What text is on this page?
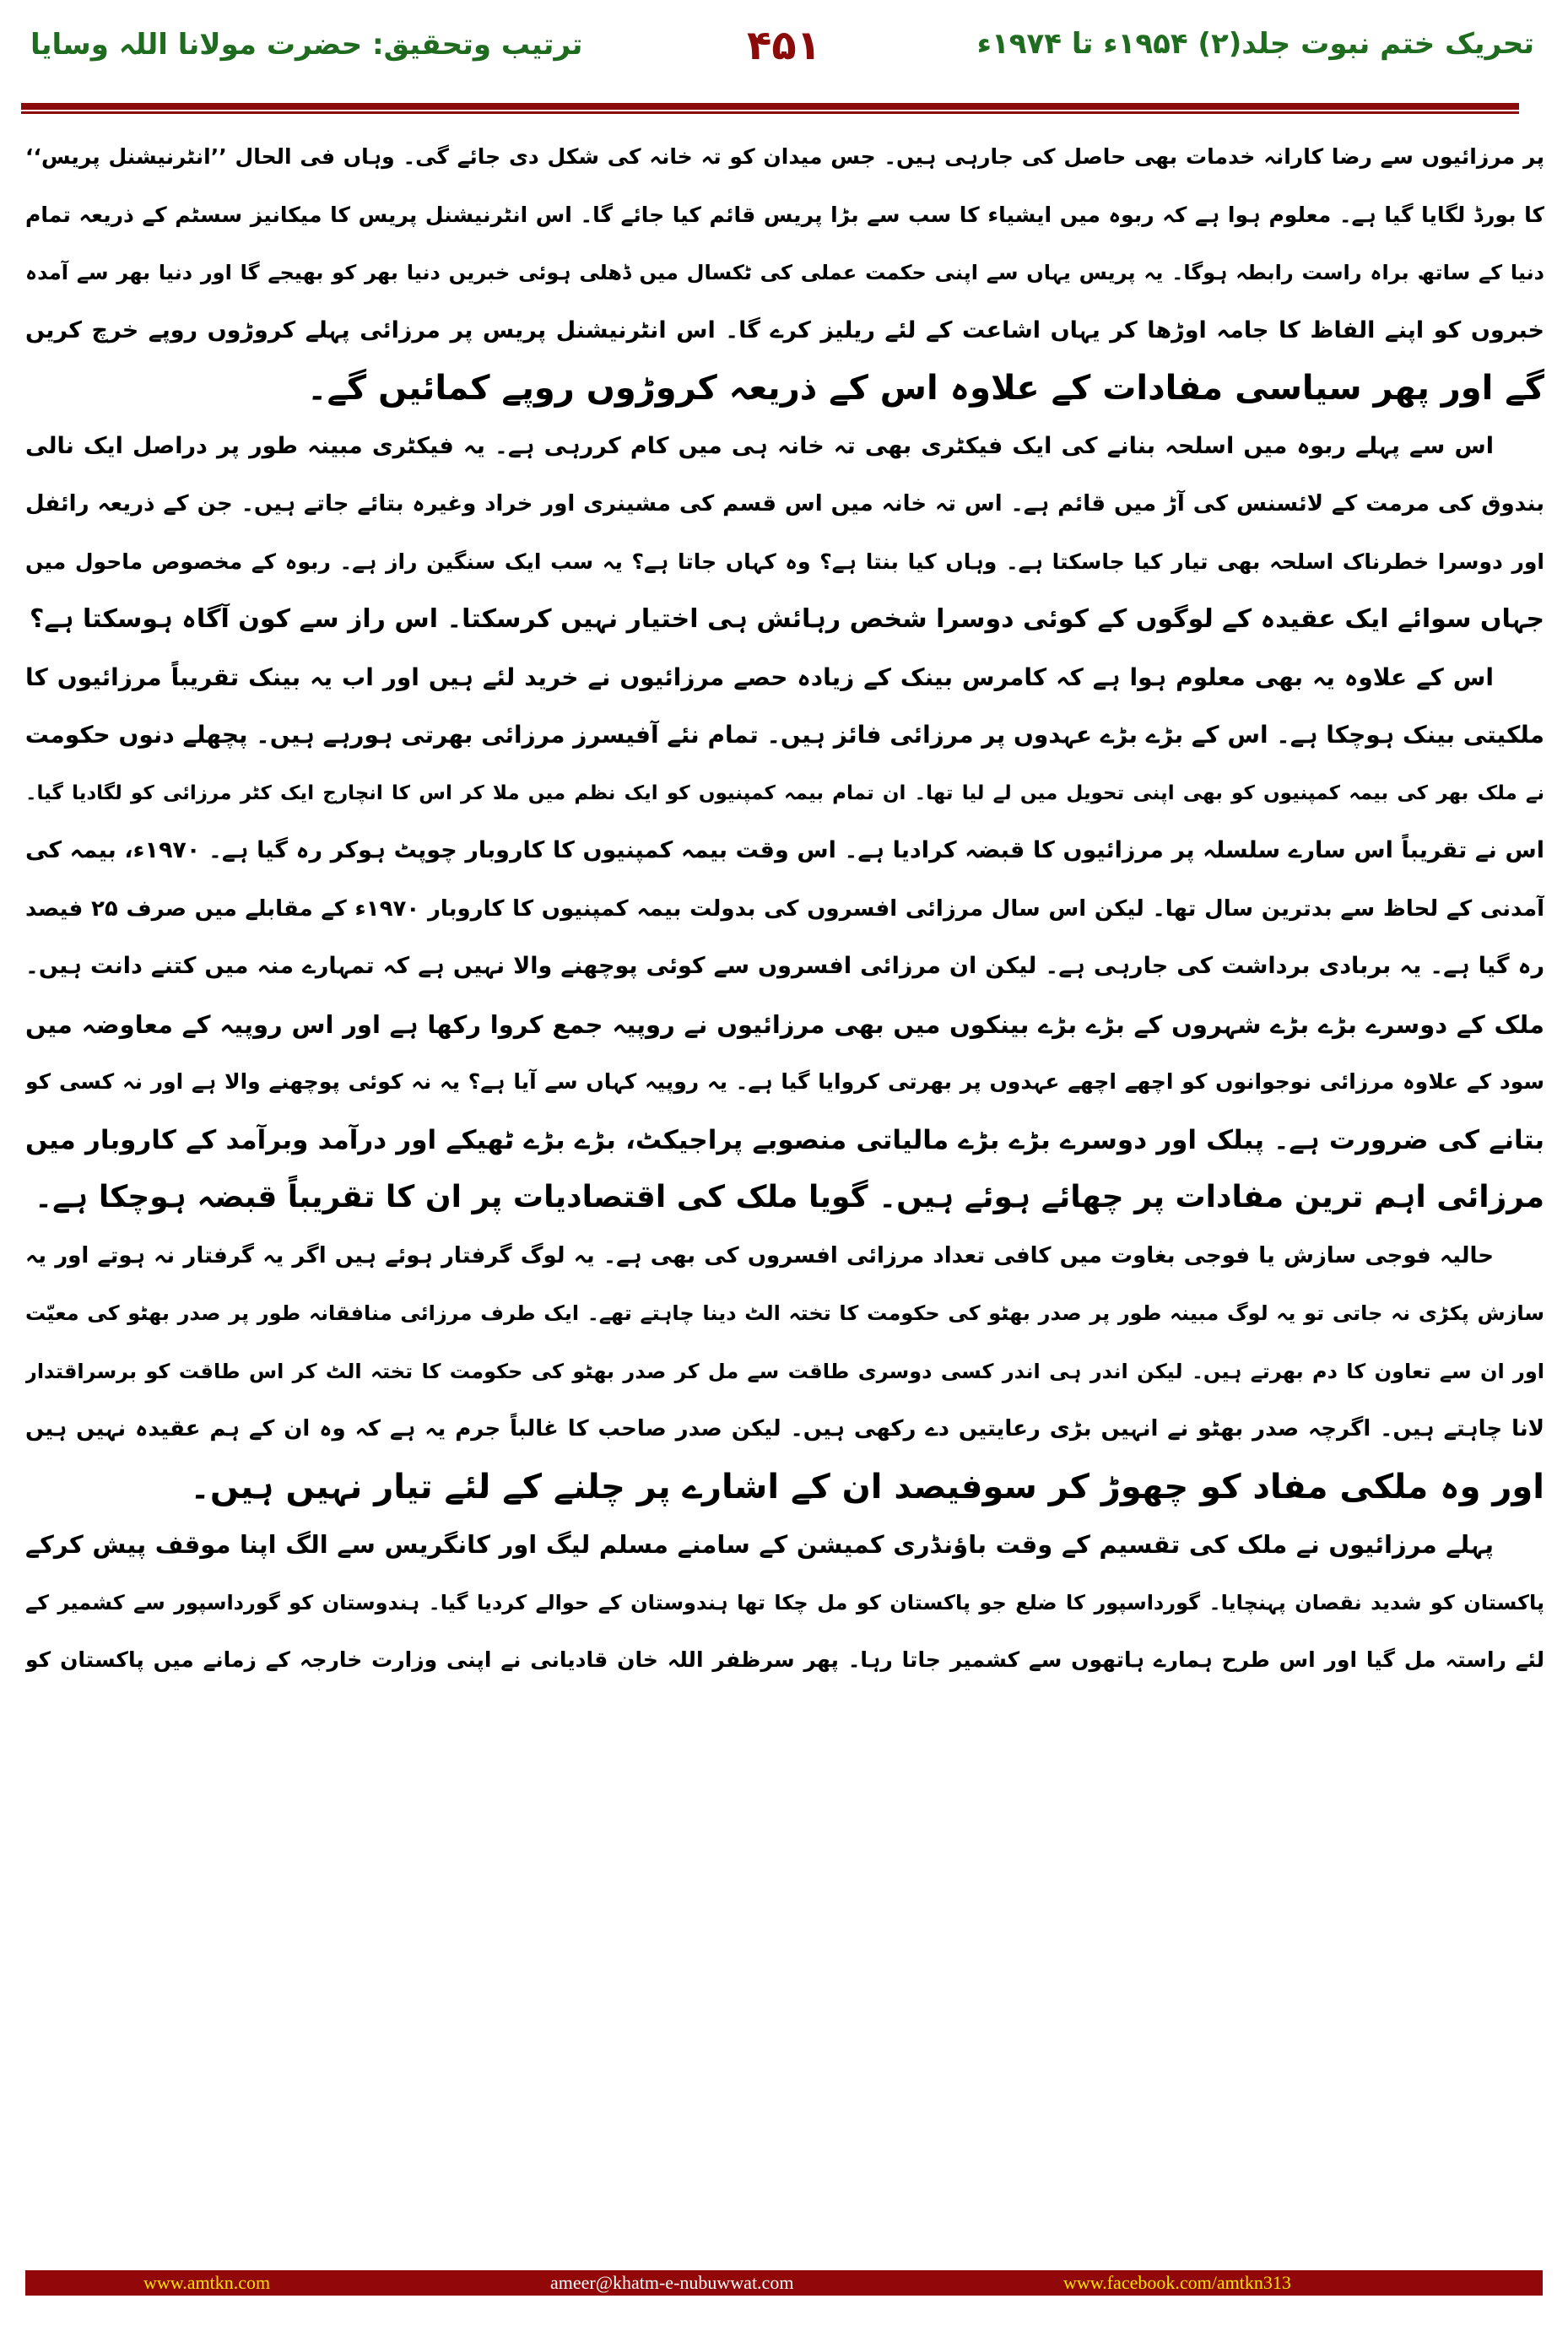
تحریک ختم نبوت جلد(۲) ۱۹۵۴ء تا ۱۹۷۴ء
۴۵۱
ترتیب وتحقیق: حضرت مولانا اللہ وسایا
پر مرزائیوں سے رضا کارانہ خدمات بھی حاصل کی جارہی ہیں۔ جس میدان کو تہ خانہ کی شکل دی جائے گی۔ وہاں فی الحال ’’انٹرنیشنل پریس‘‘
کا بورڈ لگایا گیا ہے۔ معلوم ہوا ہے کہ ربوہ میں ایشیاء کا سب سے بڑا پریس قائم کیا جائے گا۔ اس انٹرنیشنل پریس کا میکانیز سسٹم کے ذریعہ تمام
دنیا کے ساتھ براہ راست رابطہ ہوگا۔ یہ پریس یہاں سے اپنی حکمت عملی کی ٹکسال میں ڈھلی ہوئی خبریں دنیا بھر کو بھیجے گا اور دنیا بھر سے آمدہ
خبروں کو اپنے الفاظ کا جامہ اوڑھا کر یہاں اشاعت کے لئے ریلیز کرے گا۔ اس انٹرنیشنل پریس پر مرزائی پہلے کروڑوں روپے خرچ کریں
گے اور پھر سیاسی مفادات کے علاوہ اس کے ذریعہ کروڑوں روپے کمائیں گے۔
اس سے پہلے ربوہ میں اسلحہ بنانے کی ایک فیکٹری بھی تہ خانہ ہی میں کام کررہی ہے۔ یہ فیکٹری مبینہ طور پر دراصل ایک نالی
بندوق کی مرمت کے لائسنس کی آڑ میں قائم ہے۔ اس تہ خانہ میں اس قسم کی مشینری اور خراد وغیرہ بتائے جاتے ہیں۔ جن کے ذریعہ رائفل
اور دوسرا خطرناک اسلحہ بھی تیار کیا جاسکتا ہے۔ وہاں کیا بنتا ہے؟ وہ کہاں جاتا ہے؟ یہ سب ایک سنگین راز ہے۔ ربوہ کے مخصوص ماحول میں
جہاں سوائے ایک عقیدہ کے لوگوں کے کوئی دوسرا شخص رہائش ہی اختیار نہیں کرسکتا۔ اس راز سے کون آگاہ ہوسکتا ہے؟
اس کے علاوہ یہ بھی معلوم ہوا ہے کہ کامرس بینک کے زیادہ حصے مرزائیوں نے خرید لئے ہیں اور اب یہ بینک تقریباً مرزائیوں کا
ملکیتی بینک ہوچکا ہے۔ اس کے بڑے بڑے عہدوں پر مرزائی فائز ہیں۔ تمام نئے آفیسرز مرزائی بھرتی ہورہے ہیں۔ پچھلے دنوں حکومت
نے ملک بھر کی بیمہ کمپنیوں کو بھی اپنی تحویل میں لے لیا تھا۔ ان تمام بیمہ کمپنیوں کو ایک نظم میں ملا کر اس کا انچارج ایک کٹر مرزائی کو لگادیا گیا۔
اس نے تقریباً اس سارے سلسلہ پر مرزائیوں کا قبضہ کرادیا ہے۔ اس وقت بیمہ کمپنیوں کا کاروبار چوپٹ ہوکر رہ گیا ہے۔ ۱۹۷۰ء، بیمہ کی
آمدنی کے لحاظ سے بدترین سال تھا۔ لیکن اس سال مرزائی افسروں کی بدولت بیمہ کمپنیوں کا کاروبار ۱۹۷۰ء کے مقابلے میں صرف ۲۵ فیصد
رہ گیا ہے۔ یہ بربادی برداشت کی جارہی ہے۔ لیکن ان مرزائی افسروں سے کوئی پوچھنے والا نہیں ہے کہ تمہارے منہ میں کتنے دانت ہیں۔
ملک کے دوسرے بڑے بڑے شہروں کے بڑے بڑے بینکوں میں بھی مرزائیوں نے روپیہ جمع کروا رکھا ہے اور اس روپیہ کے معاوضہ میں
سود کے علاوہ مرزائی نوجوانوں کو اچھے اچھے عہدوں پر بھرتی کروایا گیا ہے۔ یہ روپیہ کہاں سے آیا ہے؟ یہ نہ کوئی پوچھنے والا ہے اور نہ کسی کو
بتانے کی ضرورت ہے۔ پبلک اور دوسرے بڑے بڑے مالیاتی منصوبے پراجیکٹ، بڑے بڑے ٹھیکے اور درآمد وبرآمد کے کاروبار میں
مرزائی اہم ترین مفادات پر چھائے ہوئے ہیں۔ گویا ملک کی اقتصادیات پر ان کا تقریباً قبضہ ہوچکا ہے۔
حالیہ فوجی سازش یا فوجی بغاوت میں کافی تعداد مرزائی افسروں کی بھی ہے۔ یہ لوگ گرفتار ہوئے ہیں اگر یہ گرفتار نہ ہوتے اور یہ
سازش پکڑی نہ جاتی تو یہ لوگ مبینہ طور پر صدر بھٹو کی حکومت کا تختہ الٹ دینا چاہتے تھے۔ ایک طرف مرزائی منافقانہ طور پر صدر بھٹو کی معیّت
اور ان سے تعاون کا دم بھرتے ہیں۔ لیکن اندر ہی اندر کسی دوسری طاقت سے مل کر صدر بھٹو کی حکومت کا تختہ الٹ کر اس طاقت کو برسراقتدار
لانا چاہتے ہیں۔ اگرچہ صدر بھٹو نے انہیں بڑی رعایتیں دے رکھی ہیں۔ لیکن صدر صاحب کا غالباً جرم یہ ہے کہ وہ ان کے ہم عقیدہ نہیں ہیں
اور وہ ملکی مفاد کو چھوڑ کر سوفیصد ان کے اشارے پر چلنے کے لئے تیار نہیں ہیں۔
پہلے مرزائیوں نے ملک کی تقسیم کے وقت باؤنڈری کمیشن کے سامنے مسلم لیگ اور کانگریس سے الگ اپنا موقف پیش کرکے
پاکستان کو شدید نقصان پہنچایا۔ گورداسپور کا ضلع جو پاکستان کو مل چکا تھا ہندوستان کے حوالے کردیا گیا۔ ہندوستان کو گورداسپور سے کشمیر کے
لئے راستہ مل گیا اور اس طرح ہمارے ہاتھوں سے کشمیر جاتا رہا۔ پھر سرظفر اللہ خان قادیانی نے اپنی وزارت خارجہ کے زمانے میں پاکستان کو
www.amtkn.com	ameer@khatm-e-nubuwwat.com	www.facebook.com/amtkn313
